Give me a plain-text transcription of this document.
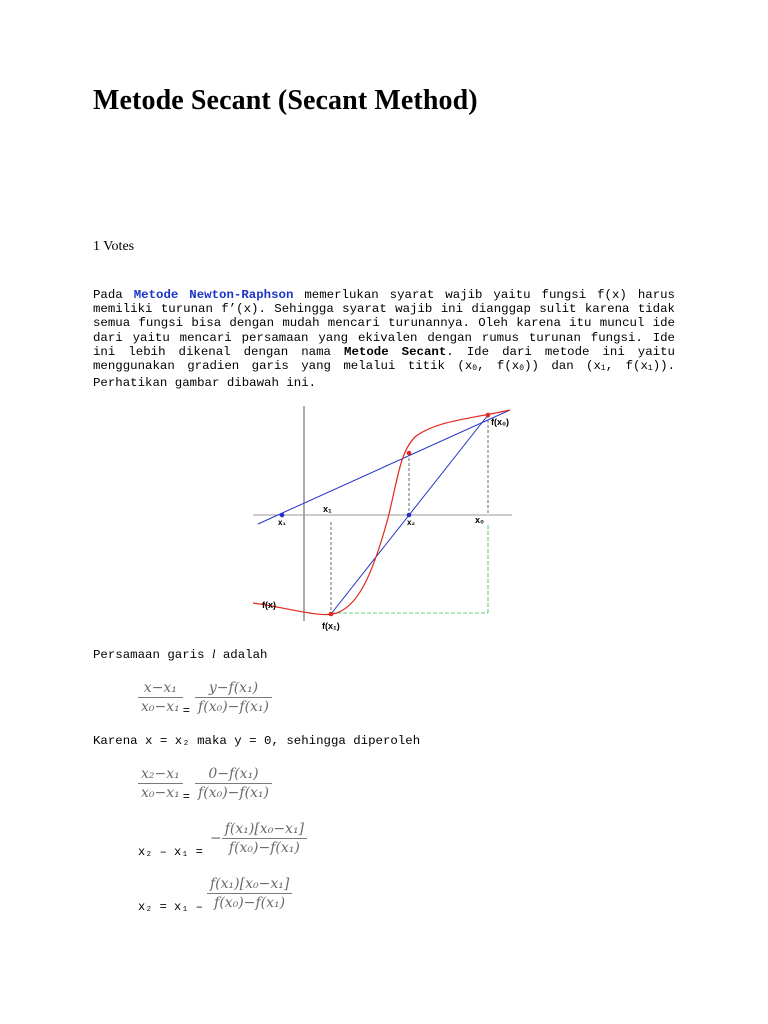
Metode Secant (Secant Method)
1 Votes

Pada Metode Newton-Raphson memerlukan syarat wajib yaitu fungsi f(x) harus memiliki turunan f’(x). Sehingga syarat wajib ini dianggap sulit karena tidak semua fungsi bisa dengan mudah mencari turunannya. Oleh karena itu muncul ide dari yaitu mencari persamaan yang ekivalen dengan rumus turunan fungsi. Ide ini lebih dikenal dengan nama Metode Secant. Ide dari metode ini yaitu menggunakan gradien garis yang melalui titik (x0, f(x0)) dan (x1, f(x1)). Perhatikan gambar dibawah ini.

f(x₀)
x₁
x₁	x₂	x₀
f(x)
f(x₁)
Persamaan garis l adalah
$\frac{\text{x−x₁}}{\text{x₀−x₁}} _= \frac{\text{y−f(x₁)}}{\text{f(x₀)−f(x₁)}}$
Karena x = x₂ maka y = 0, sehingga diperoleh
$\frac{\text{x₂−x₁}}{\text{x₀−x₁}} _= \frac{\text{0−f(x₁)}}{\text{f(x₀)−f(x₁)}}$
x₂ – x₁ =
− $\frac{\text{f(x₁)[x₀−x₁]}}{\text{f(x₀)−f(x₁)}}$
$x_2 = x_1 - \frac{\text{f(x₁)[x₀−x₁]}}{\text{f(x₀)−f(x₁)}}$
